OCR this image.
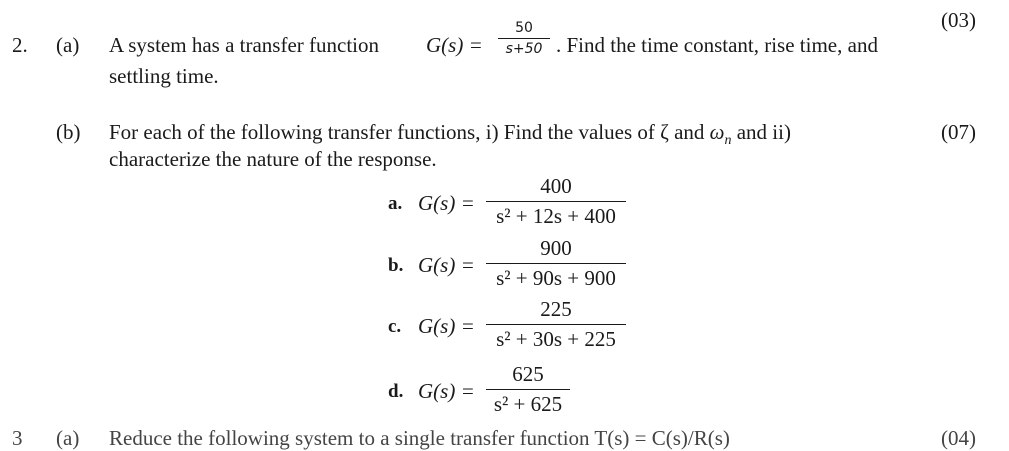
(03)
2. (a) A system has a transfer function G(s) =
50
s+50 . Find the time constant, rise time, and
settling time.
(b) For each of the following transfer functions, i) Find the values of ζ and $\omega_n$ and ii)	(07)
characterize the nature of the response.
a. G(s) =
400
s² + 12s + 400
b. G(s) =
900
s² + 90s + 900
c. G(s) =
225
s² + 30s + 225
d. G(s) =
625
s² + 625
3 (a) Reduce the following system to a single transfer function T(s) = C(s)/R(s)	(04)
